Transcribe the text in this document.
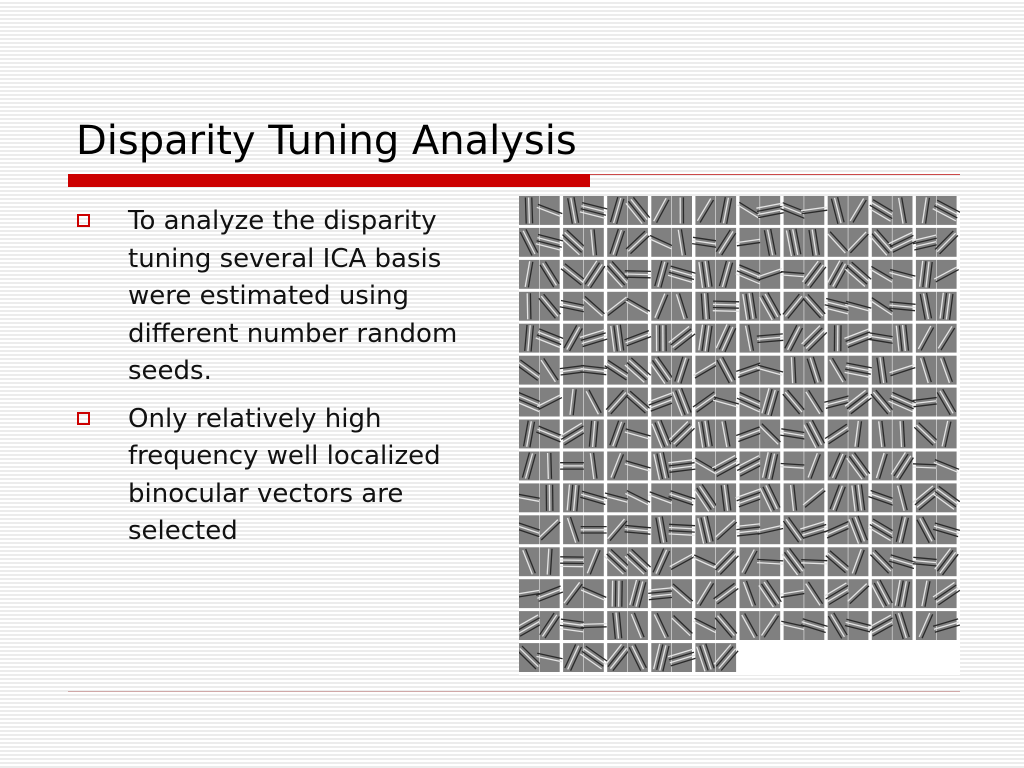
Disparity Tuning Analysis
To analyze the disparity tuning several ICA basis were estimated using different number random seeds.
Only relatively high frequency well localized binocular vectors are selected
